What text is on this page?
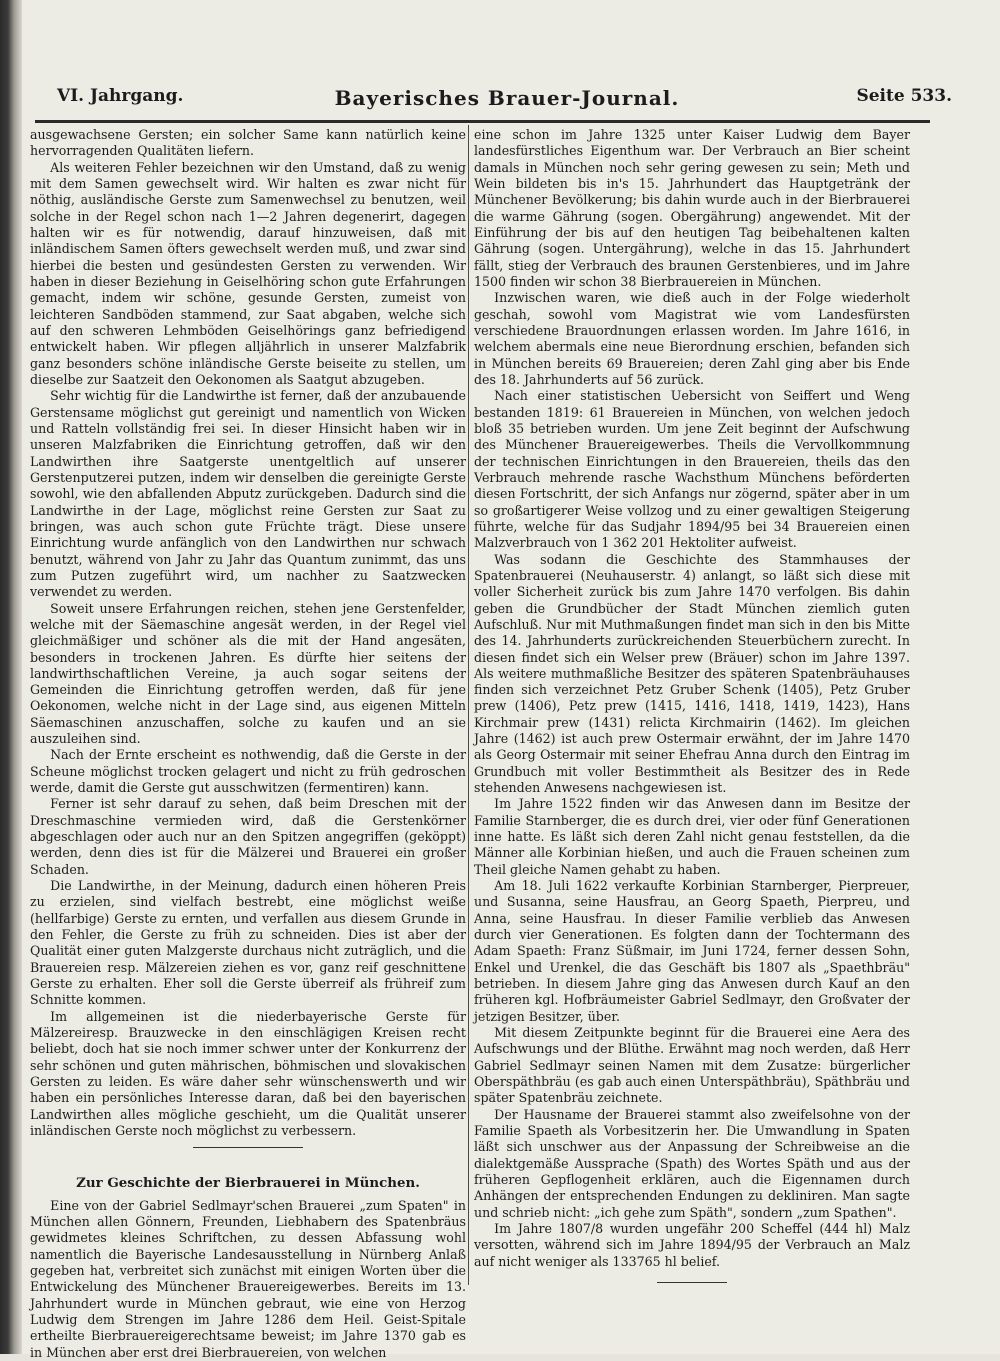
VI. Jahrgang.	Bayerisches Brauer-Journal.	Seite 533.

ausgewachsene Gersten; ein solcher Same kann natürlich keine hervorragenden Qualitäten liefern.

Als weiteren Fehler bezeichnen wir den Umstand, daß zu wenig mit dem Samen gewechselt wird. Wir halten es zwar nicht für nöthig, ausländische Gerste zum Samenwechsel zu benutzen, weil solche in der Regel schon nach 1—2 Jahren degenerirt, dagegen halten wir es für notwendig, darauf hinzuweisen, daß mit inländischem Samen öfters gewechselt werden muß, und zwar sind hierbei die besten und gesündesten Gersten zu verwenden. Wir haben in dieser Beziehung in Geiselhöring schon gute Erfahrungen gemacht, indem wir schöne, gesunde Gersten, zumeist von leichteren Sandböden stammend, zur Saat abgaben, welche sich auf den schweren Lehmböden Geiselhörings ganz befriedigend entwickelt haben. Wir pflegen alljährlich in unserer Malzfabrik ganz besonders schöne inländische Gerste beiseite zu stellen, um dieselbe zur Saatzeit den Oekonomen als Saatgut abzugeben.

Sehr wichtig für die Landwirthe ist ferner, daß der anzubauende Gerstensame möglichst gut gereinigt und namentlich von Wicken und Ratteln vollständig frei sei. In dieser Hinsicht haben wir in unseren Malzfabriken die Einrichtung getroffen, daß wir den Landwirthen ihre Saatgerste unentgeltlich auf unserer Gerstenputzerei putzen, indem wir denselben die gereinigte Gerste sowohl, wie den abfallenden Abputz zurückgeben. Dadurch sind die Landwirthe in der Lage, möglichst reine Gersten zur Saat zu bringen, was auch schon gute Früchte trägt. Diese unsere Einrichtung wurde anfänglich von den Landwirthen nur schwach benutzt, während von Jahr zu Jahr das Quantum zunimmt, das uns zum Putzen zugeführt wird, um nachher zu Saatzwecken verwendet zu werden.

Soweit unsere Erfahrungen reichen, stehen jene Gerstenfelder, welche mit der Säemaschine angesät werden, in der Regel viel gleichmäßiger und schöner als die mit der Hand angesäten, besonders in trockenen Jahren. Es dürfte hier seitens der landwirthschaftlichen Vereine, ja auch sogar seitens der Gemeinden die Einrichtung getroffen werden, daß für jene Oekonomen, welche nicht in der Lage sind, aus eigenen Mitteln Säemaschinen anzuschaffen, solche zu kaufen und an sie auszuleihen sind.

Nach der Ernte erscheint es nothwendig, daß die Gerste in der Scheune möglichst trocken gelagert und nicht zu früh gedroschen werde, damit die Gerste gut ausschwitzen (fermentiren) kann.

Ferner ist sehr darauf zu sehen, daß beim Dreschen mit der Dreschmaschine vermieden wird, daß die Gerstenkörner abgeschlagen oder auch nur an den Spitzen angegriffen (geköppt) werden, denn dies ist für die Mälzerei und Brauerei ein großer Schaden.

Die Landwirthe, in der Meinung, dadurch einen höheren Preis zu erzielen, sind vielfach bestrebt, eine möglichst weiße (hellfarbige) Gerste zu ernten, und verfallen aus diesem Grunde in den Fehler, die Gerste zu früh zu schneiden. Dies ist aber der Qualität einer guten Malzgerste durchaus nicht zuträglich, und die Brauereien resp. Mälzereien ziehen es vor, ganz reif geschnittene Gerste zu erhalten. Eher soll die Gerste überreif als frühreif zum Schnitte kommen.

Im allgemeinen ist die niederbayerische Gerste für Mälzereiresp. Brauzwecke in den einschlägigen Kreisen recht beliebt, doch hat sie noch immer schwer unter der Konkurrenz der sehr schönen und guten mährischen, böhmischen und slovakischen Gersten zu leiden. Es wäre daher sehr wünschenswerth und wir haben ein persönliches Interesse daran, daß bei den bayerischen Landwirthen alles mögliche geschieht, um die Qualität unserer inländischen Gerste noch möglichst zu verbessern.

Zur Geschichte der Bierbrauerei in München.

Eine von der Gabriel Sedlmayr'schen Brauerei „zum Spaten" in München allen Gönnern, Freunden, Liebhabern des Spatenbräus gewidmetes kleines Schriftchen, zu dessen Abfassung wohl namentlich die Bayerische Landesausstellung in Nürnberg Anlaß gegeben hat, verbreitet sich zunächst mit einigen Worten über die Entwickelung des Münchener Brauereigewerbes. Bereits im 13. Jahrhundert wurde in München gebraut, wie eine von Herzog Ludwig dem Strengen im Jahre 1286 dem Heil. Geist-Spitale ertheilte Bierbrauereigerechtsame beweist; im Jahre 1370 gab es in München aber erst drei Bierbrauereien, von welchen

eine schon im Jahre 1325 unter Kaiser Ludwig dem Bayer landesfürstliches Eigenthum war. Der Verbrauch an Bier scheint damals in München noch sehr gering gewesen zu sein; Meth und Wein bildeten bis in's 15. Jahrhundert das Hauptgetränk der Münchener Bevölkerung; bis dahin wurde auch in der Bierbrauerei die warme Gährung (sogen. Obergährung) angewendet. Mit der Einführung der bis auf den heutigen Tag beibehaltenen kalten Gährung (sogen. Untergährung), welche in das 15. Jahrhundert fällt, stieg der Verbrauch des braunen Gerstenbieres, und im Jahre 1500 finden wir schon 38 Bierbrauereien in München.

Inzwischen waren, wie dieß auch in der Folge wiederholt geschah, sowohl vom Magistrat wie vom Landesfürsten verschiedene Brauordnungen erlassen worden. Im Jahre 1616, in welchem abermals eine neue Bierordnung erschien, befanden sich in München bereits 69 Brauereien; deren Zahl ging aber bis Ende des 18. Jahrhunderts auf 56 zurück.

Nach einer statistischen Uebersicht von Seiffert und Weng bestanden 1819: 61 Brauereien in München, von welchen jedoch bloß 35 betrieben wurden. Um jene Zeit beginnt der Aufschwung des Münchener Brauereigewerbes. Theils die Vervollkommnung der technischen Einrichtungen in den Brauereien, theils das den Verbrauch mehrende rasche Wachsthum Münchens beförderten diesen Fortschritt, der sich Anfangs nur zögernd, später aber in um so großartigerer Weise vollzog und zu einer gewaltigen Steigerung führte, welche für das Sudjahr 1894/95 bei 34 Brauereien einen Malzverbrauch von 1 362 201 Hektoliter aufweist.

Was sodann die Geschichte des Stammhauses der Spatenbrauerei (Neuhauserstr. 4) anlangt, so läßt sich diese mit voller Sicherheit zurück bis zum Jahre 1470 verfolgen. Bis dahin geben die Grundbücher der Stadt München ziemlich guten Aufschluß. Nur mit Muthmaßungen findet man sich in den bis Mitte des 14. Jahrhunderts zurückreichenden Steuerbüchern zurecht. In diesen findet sich ein Welser prew (Bräuer) schon im Jahre 1397. Als weitere muthmaßliche Besitzer des späteren Spatenbräuhauses finden sich verzeichnet Petz Gruber Schenk (1405), Petz Gruber prew (1406), Petz prew (1415, 1416, 1418, 1419, 1423), Hans Kirchmair prew (1431) relicta Kirchmairin (1462). Im gleichen Jahre (1462) ist auch prew Ostermair erwähnt, der im Jahre 1470 als Georg Ostermair mit seiner Ehefrau Anna durch den Eintrag im Grundbuch mit voller Bestimmtheit als Besitzer des in Rede stehenden Anwesens nachgewiesen ist.

Im Jahre 1522 finden wir das Anwesen dann im Besitze der Familie Starnberger, die es durch drei, vier oder fünf Generationen inne hatte. Es läßt sich deren Zahl nicht genau feststellen, da die Männer alle Korbinian hießen, und auch die Frauen scheinen zum Theil gleiche Namen gehabt zu haben.

Am 18. Juli 1622 verkaufte Korbinian Starnberger, Pierpreuer, und Susanna, seine Hausfrau, an Georg Spaeth, Pierpreu, und Anna, seine Hausfrau. In dieser Familie verblieb das Anwesen durch vier Generationen. Es folgten dann der Tochtermann des Adam Spaeth: Franz Süßmair, im Juni 1724, ferner dessen Sohn, Enkel und Urenkel, die das Geschäft bis 1807 als „Spaethbräu" betrieben. In diesem Jahre ging das Anwesen durch Kauf an den früheren kgl. Hofbräumeister Gabriel Sedlmayr, den Großvater der jetzigen Besitzer, über.

Mit diesem Zeitpunkte beginnt für die Brauerei eine Aera des Aufschwungs und der Blüthe. Erwähnt mag noch werden, daß Herr Gabriel Sedlmayr seinen Namen mit dem Zusatze: bürgerlicher Oberspäthbräu (es gab auch einen Unterspäthbräu), Späthbräu und später Spatenbräu zeichnete.

Der Hausname der Brauerei stammt also zweifelsohne von der Familie Spaeth als Vorbesitzerin her. Die Umwandlung in Spaten läßt sich unschwer aus der Anpassung der Schreibweise an die dialektgemäße Aussprache (Spath) des Wortes Späth und aus der früheren Gepflogenheit erklären, auch die Eigennamen durch Anhängen der entsprechenden Endungen zu dekliniren. Man sagte und schrieb nicht: „ich gehe zum Späth", sondern „zum Spathen".

Im Jahre 1807/8 wurden ungefähr 200 Scheffel (444 hl) Malz versotten, während sich im Jahre 1894/95 der Verbrauch an Malz auf nicht weniger als 133765 hl belief.
